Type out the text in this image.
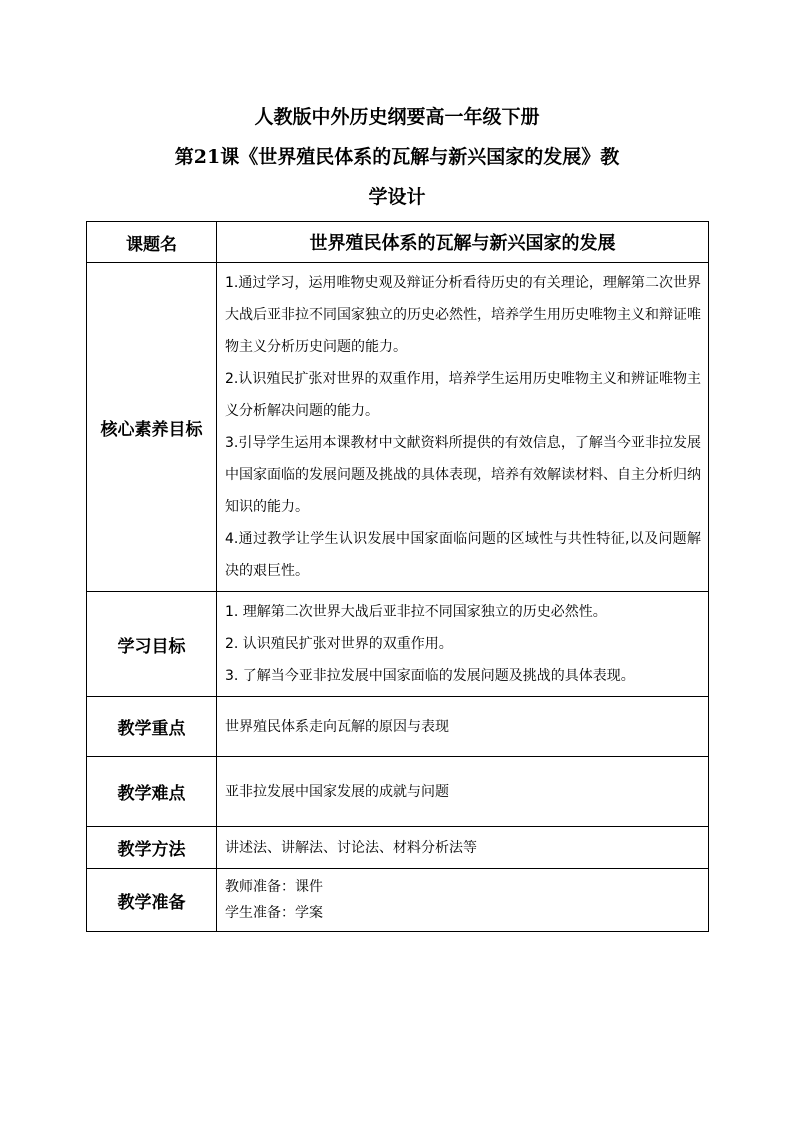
人教版中外历史纲要高一年级下册
第21课《世界殖民体系的瓦解与新兴国家的发展》教
学设计
课题名	世界殖民体系的瓦解与新兴国家的发展
核心素养目标	1.通过学习，运用唯物史观及辩证分析看待历史的有关理论，理解第二次世界大战后亚非拉不同国家独立的历史必然性，培养学生用历史唯物主义和辩证唯物主义分析历史问题的能力。
2.认识殖民扩张对世界的双重作用，培养学生运用历史唯物主义和辨证唯物主义分析解决问题的能力。
3.引导学生运用本课教材中文献资料所提供的有效信息，了解当今亚非拉发展中国家面临的发展问题及挑战的具体表现，培养有效解读材料、自主分析归纳知识的能力。
4.通过教学让学生认识发展中国家面临问题的区域性与共性特征,以及问题解决的艰巨性。

学习目标	1. 理解第二次世界大战后亚非拉不同国家独立的历史必然性。
2. 认识殖民扩张对世界的双重作用。
3. 了解当今亚非拉发展中国家面临的发展问题及挑战的具体表现。

教学重点	世界殖民体系走向瓦解的原因与表现
教学难点	亚非拉发展中国家发展的成就与问题
教学方法	讲述法、讲解法、讨论法、材料分析法等
教学准备	教师准备：课件
学生准备：学案
